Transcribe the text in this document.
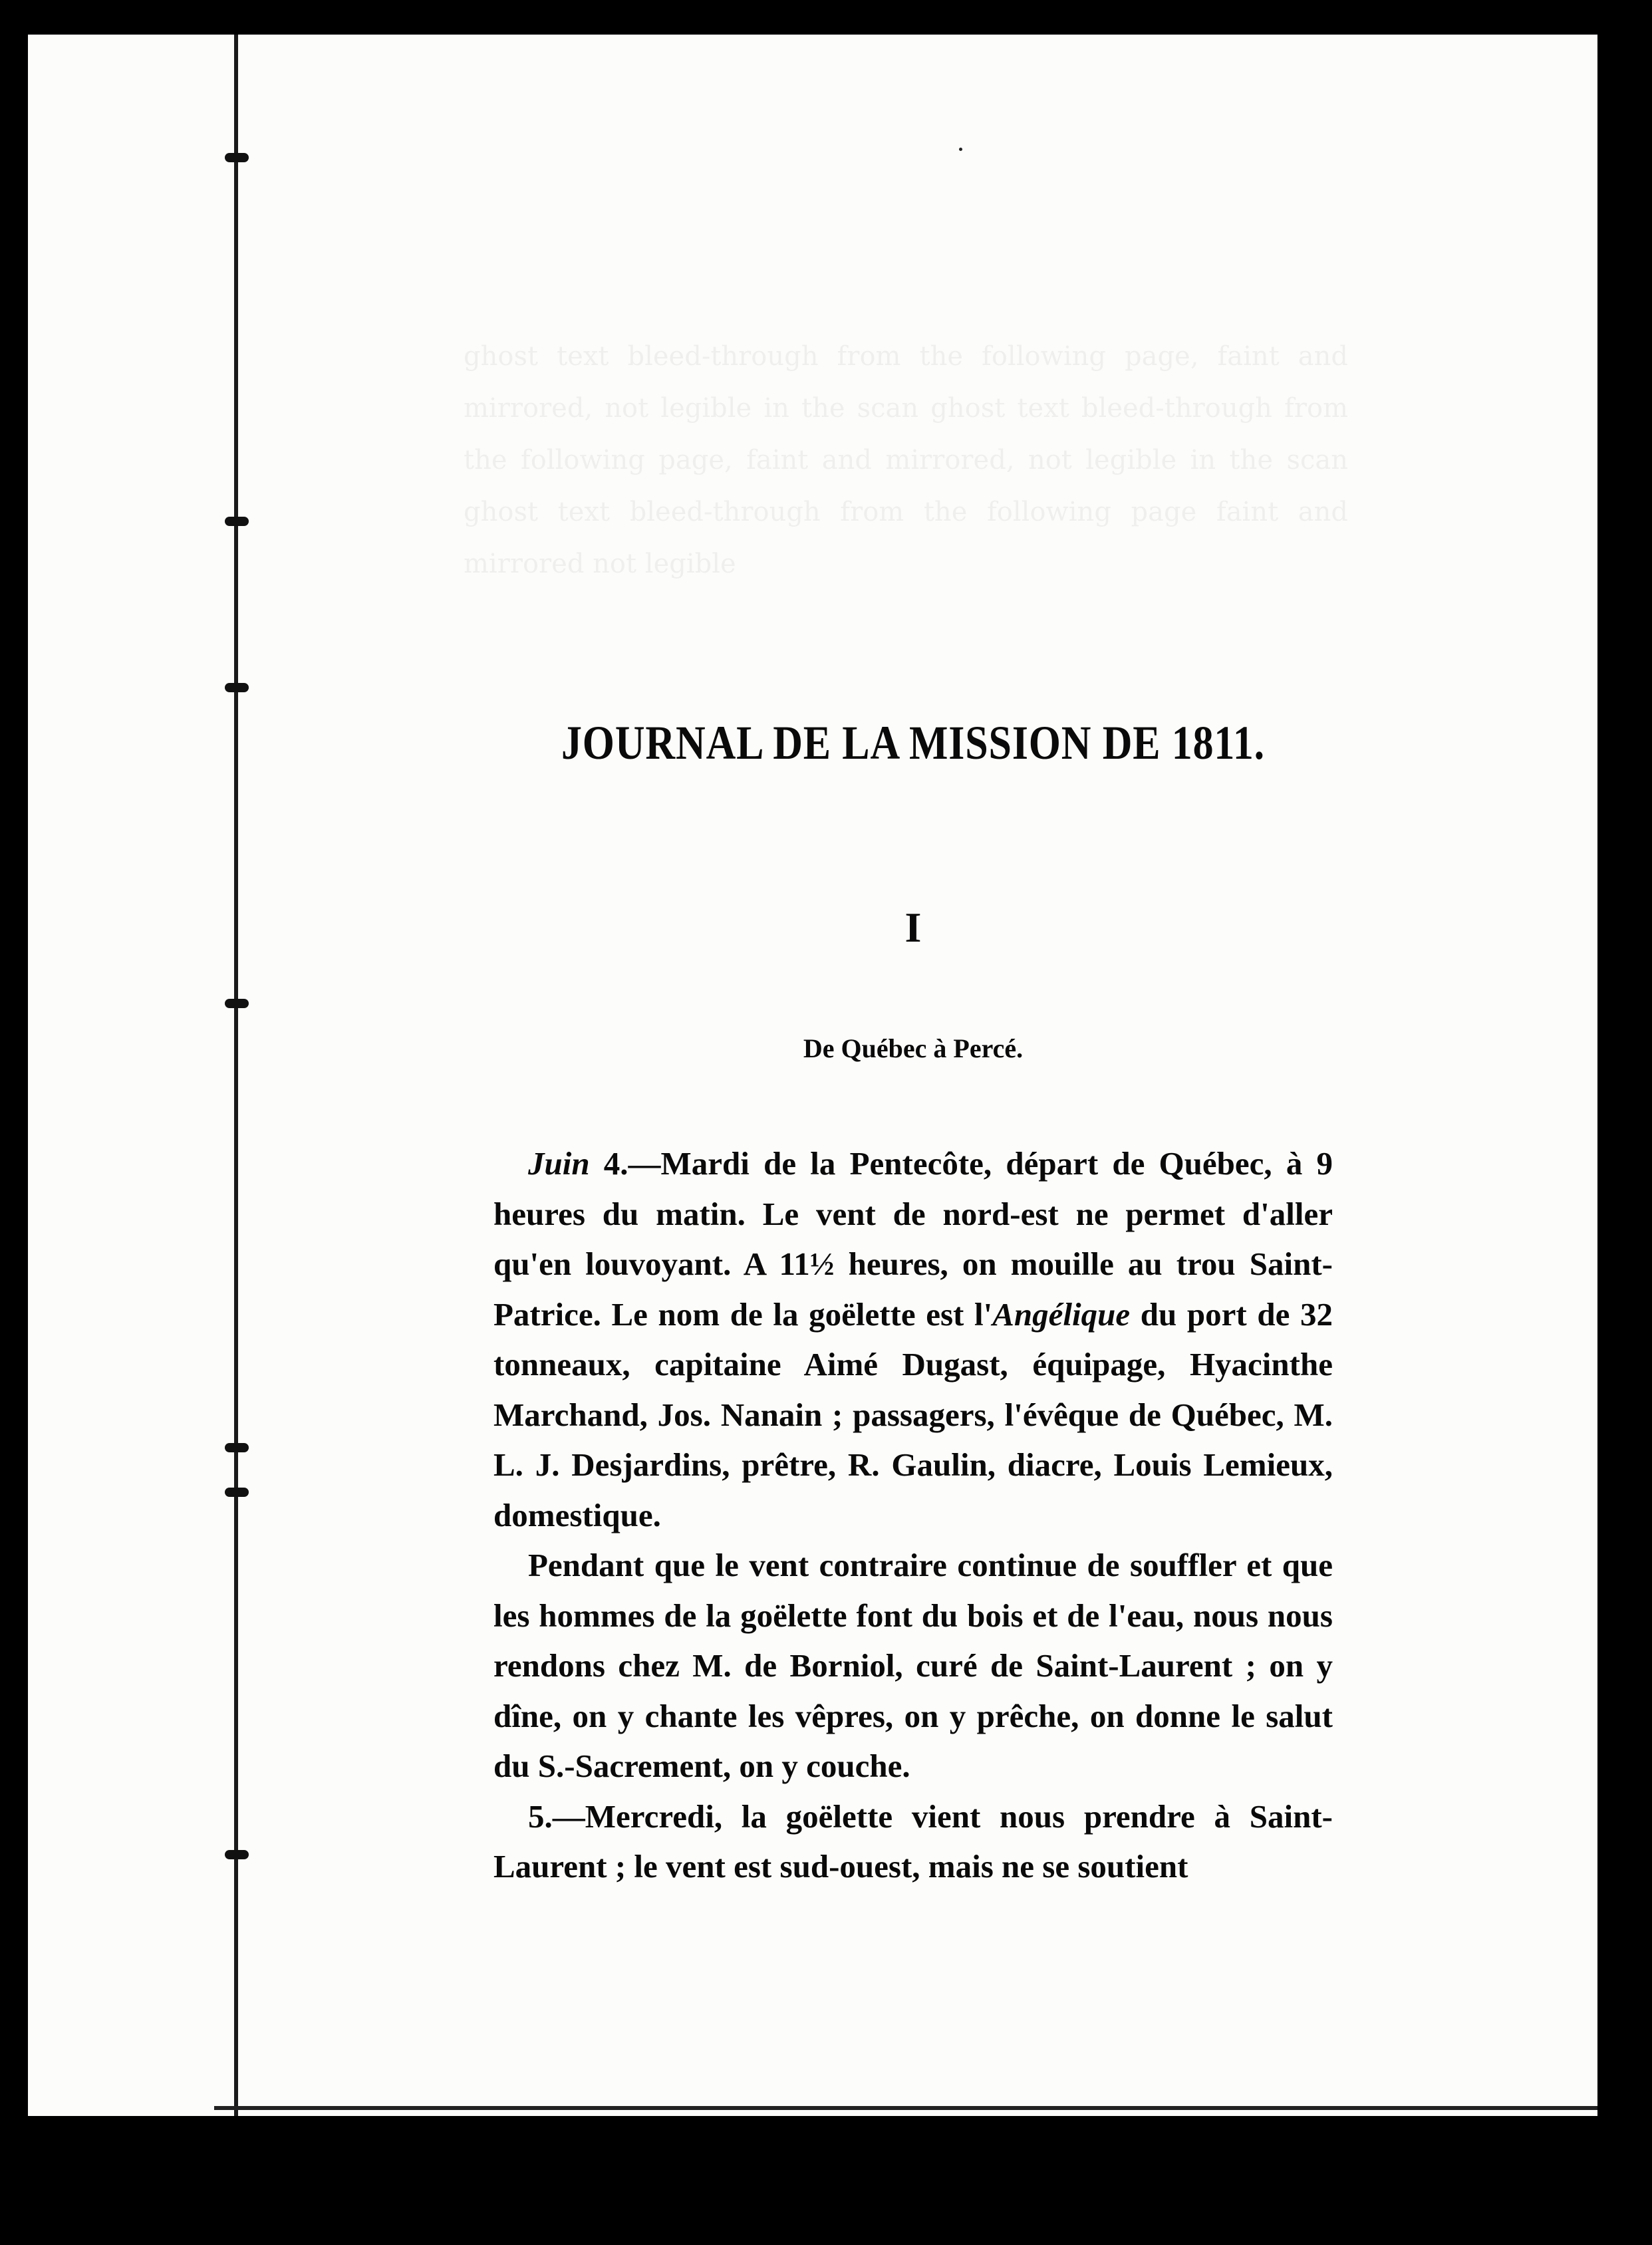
ghost text bleed-through from the following page, faint and mirrored, not legible in the scan ghost text bleed-through from the following page, faint and mirrored, not legible in the scan ghost text bleed-through from the following page faint and mirrored not legible
JOURNAL DE LA MISSION DE 1811.
I
De Québec à Percé.

Juin 4.—Mardi de la Pentecôte, départ de Québec, à 9 heures du matin. Le vent de nord-est ne permet d'aller qu'en louvoyant. A 11½ heures, on mouille au trou Saint-Patrice. Le nom de la goëlette est l'Angélique du port de 32 tonneaux, capitaine Aimé Dugast, équipage, Hyacinthe Marchand, Jos. Nanain ; passagers, l'évêque de Québec, M. L. J. Desjardins, prêtre, R. Gaulin, diacre, Louis Lemieux, domestique.

Pendant que le vent contraire continue de souffler et que les hommes de la goëlette font du bois et de l'eau, nous nous rendons chez M. de Borniol, curé de Saint-Laurent ; on y dîne, on y chante les vêpres, on y prêche, on donne le salut du S.-Sacrement, on y couche.

5.—Mercredi, la goëlette vient nous prendre à Saint-Laurent ; le vent est sud-ouest, mais ne se soutient
